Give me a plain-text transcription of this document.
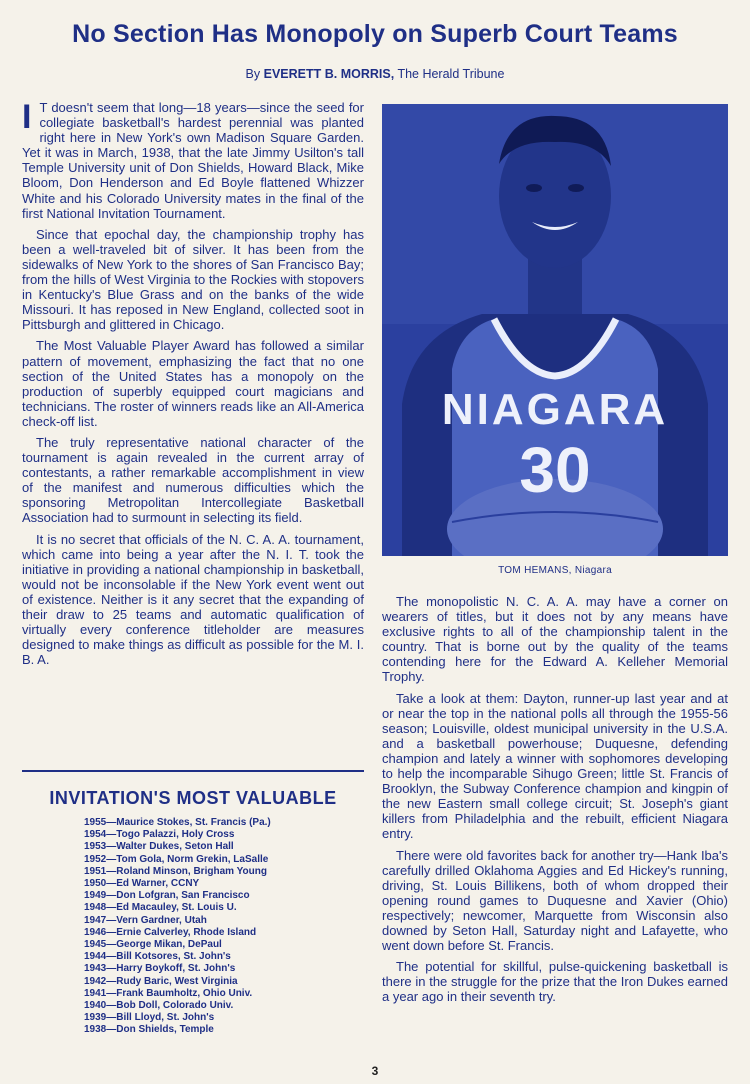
No Section Has Monopoly on Superb Court Teams
By EVERETT B. MORRIS, The Herald Tribune

I T doesn't seem that long—18 years—since the seed for collegiate basketball's hardest perennial was planted right here in New York's own Madison Square Garden. Yet it was in March, 1938, that the late Jimmy Usilton's tall Temple University unit of Don Shields, Howard Black, Mike Bloom, Don Henderson and Ed Boyle flattened Whizzer White and his Colorado University mates in the final of the first National Invitation Tournament.

Since that epochal day, the championship trophy has been a well-traveled bit of silver. It has been from the sidewalks of New York to the shores of San Francisco Bay; from the hills of West Virginia to the Rockies with stopovers in Kentucky's Blue Grass and on the banks of the wide Missouri. It has reposed in New England, collected soot in Pittsburgh and glittered in Chicago.

The Most Valuable Player Award has followed a similar pattern of movement, emphasizing the fact that no one section of the United States has a monopoly on the production of superbly equipped court magicians and technicians. The roster of winners reads like an All-America check-off list.

The truly representative national character of the tournament is again revealed in the current array of contestants, a rather remarkable accomplishment in view of the manifest and numerous difficulties which the sponsoring Metropolitan Intercollegiate Basketball Association had to surmount in selecting its field.

It is no secret that officials of the N. C. A. A. tournament, which came into being a year after the N. I. T. took the initiative in providing a national championship in basketball, would not be inconsolable if the New York event went out of existence. Neither is it any secret that the expanding of their draw to 25 teams and automatic qualification of virtually every conference titleholder are measures designed to make things as difficult as possible for the M. I. B. A.

NIAGARA
30
TOM HEMANS, Niagara

The monopolistic N. C. A. A. may have a corner on wearers of titles, but it does not by any means have exclusive rights to all of the championship talent in the country. That is borne out by the quality of the teams contending here for the Edward A. Kelleher Memorial Trophy.

Take a look at them: Dayton, runner-up last year and at or near the top in the national polls all through the 1955-56 season; Louisville, oldest municipal university in the U.S.A. and a basketball powerhouse; Duquesne, defending champion and lately a winner with sophomores developing to help the incomparable Sihugo Green; little St. Francis of Brooklyn, the Subway Conference champion and kingpin of the new Eastern small college circuit; St. Joseph's giant killers from Philadelphia and the rebuilt, efficient Niagara entry.

There were old favorites back for another try—Hank Iba's carefully drilled Oklahoma Aggies and Ed Hickey's running, driving, St. Louis Billikens, both of whom dropped their opening round games to Duquesne and Xavier (Ohio) respectively; newcomer, Marquette from Wisconsin also downed by Seton Hall, Saturday night and Lafayette, who went down before St. Francis.

The potential for skillful, pulse-quickening basketball is there in the struggle for the prize that the Iron Dukes earned a year ago in their seventh try.

INVITATION'S MOST VALUABLE
1955—Maurice Stokes, St. Francis (Pa.)
1954—Togo Palazzi, Holy Cross
1953—Walter Dukes, Seton Hall
1952—Tom Gola, Norm Grekin, LaSalle
1951—Roland Minson, Brigham Young
1950—Ed Warner, CCNY
1949—Don Lofgran, San Francisco
1948—Ed Macauley, St. Louis U.
1947—Vern Gardner, Utah
1946—Ernie Calverley, Rhode Island
1945—George Mikan, DePaul
1944—Bill Kotsores, St. John's
1943—Harry Boykoff, St. John's
1942—Rudy Baric, West Virginia
1941—Frank Baumholtz, Ohio Univ.
1940—Bob Doll, Colorado Univ.
1939—Bill Lloyd, St. John's
1938—Don Shields, Temple
3
